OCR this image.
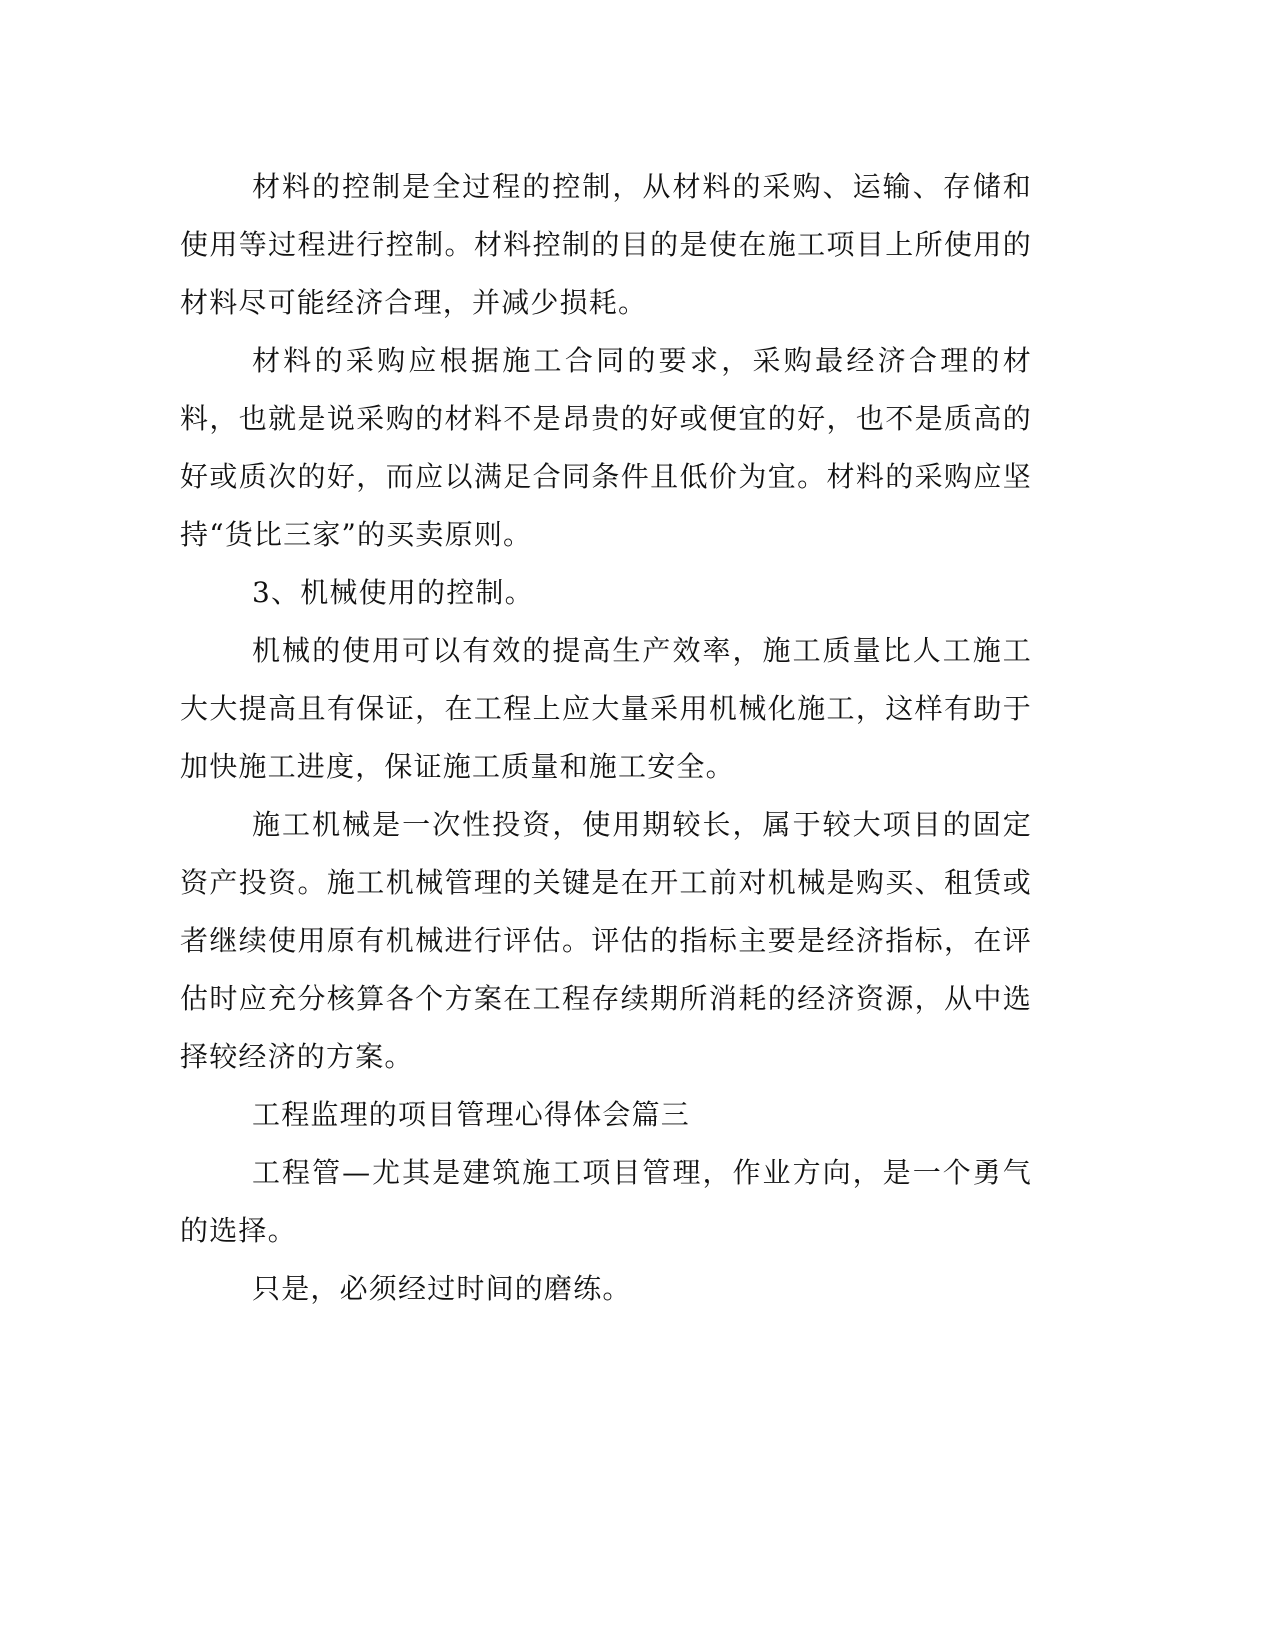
材料的控制是全过程的控制，从材料的采购、运输、存储和使用等过程进行控制。材料控制的目的是使在施工项目上所使用的材料尽可能经济合理，并减少损耗。

材料的采购应根据施工合同的要求，采购最经济合理的材料，也就是说采购的材料不是昂贵的好或便宜的好，也不是质高的好或质次的好，而应以满足合同条件且低价为宜。材料的采购应坚持“货比三家”的买卖原则。

3、机械使用的控制。

机械的使用可以有效的提高生产效率，施工质量比人工施工大大提高且有保证，在工程上应大量采用机械化施工，这样有助于加快施工进度，保证施工质量和施工安全。

施工机械是一次性投资，使用期较长，属于较大项目的固定资产投资。施工机械管理的关键是在开工前对机械是购买、租赁或者继续使用原有机械进行评估。评估的指标主要是经济指标，在评估时应充分核算各个方案在工程存续期所消耗的经济资源，从中选择较经济的方案。

工程监理的项目管理心得体会篇三

工程管—尤其是建筑施工项目管理，作业方向，是一个勇气的选择。

只是，必须经过时间的磨练。
